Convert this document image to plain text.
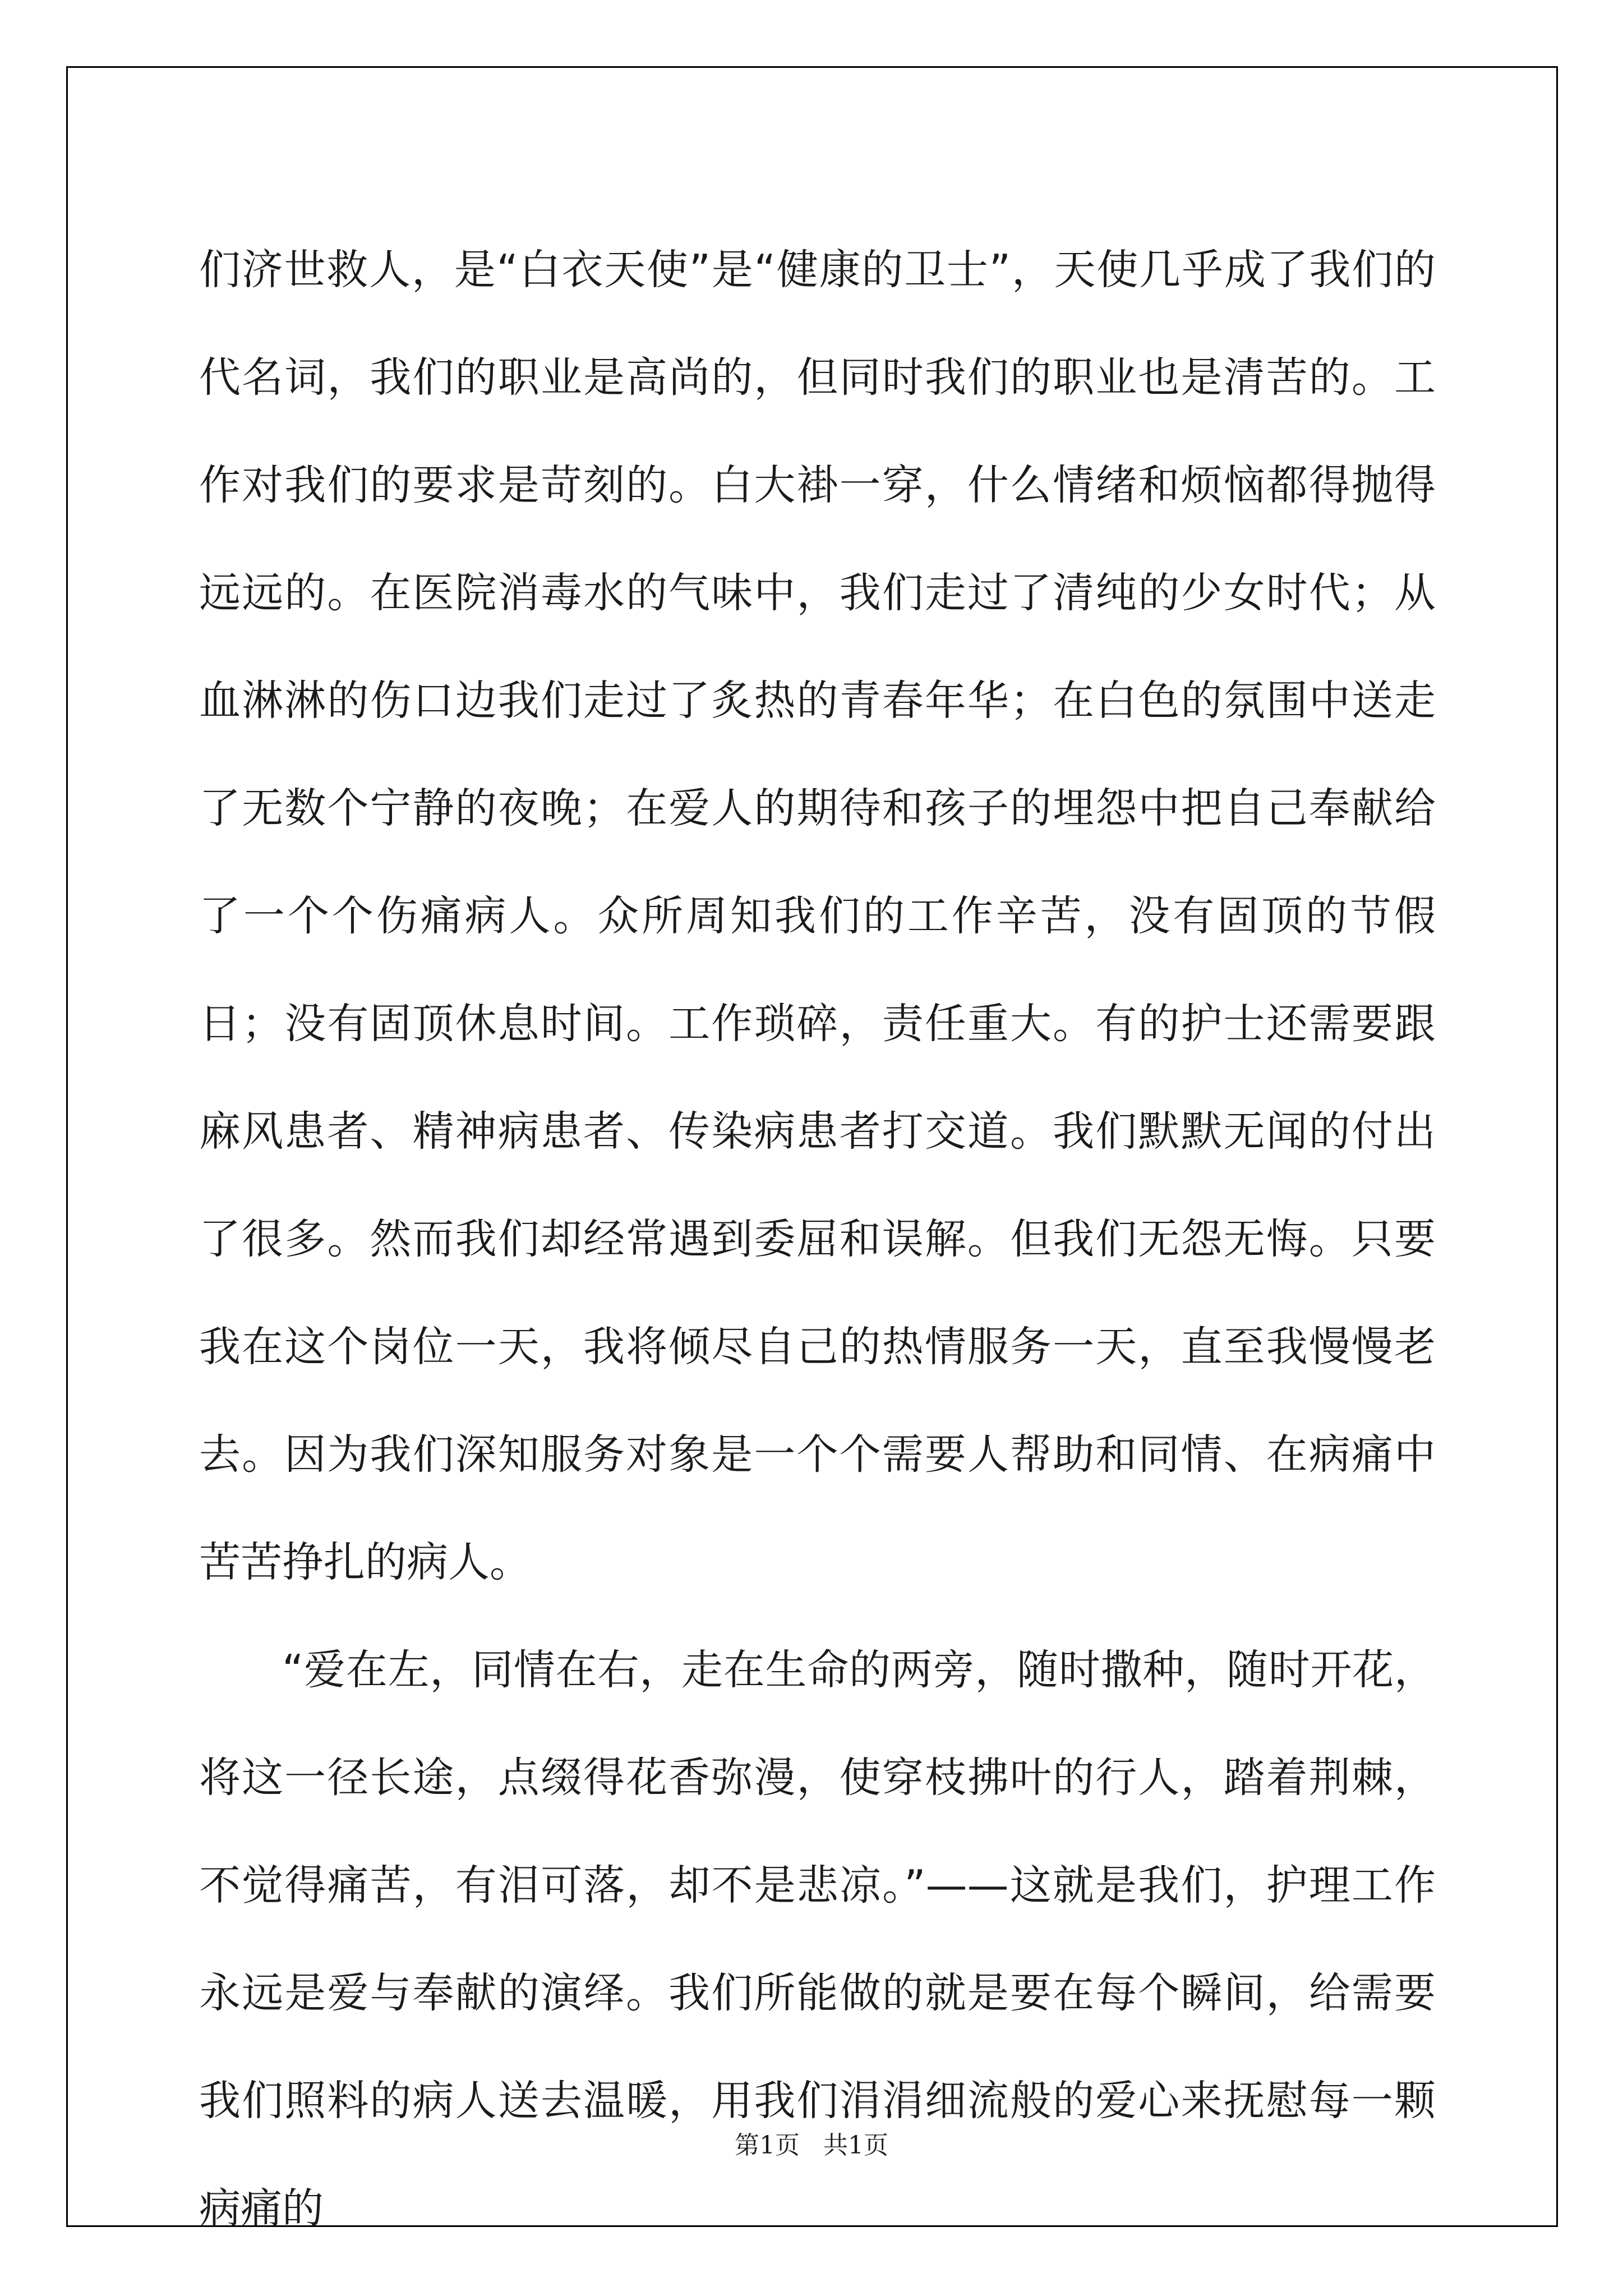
们济世救人，是“白衣天使”是“健康的卫士”，天使几乎成了我们的代名词，我们的职业是高尚的，但同时我们的职业也是清苦的。工作对我们的要求是苛刻的。白大褂一穿，什么情绪和烦恼都得抛得远远的。在医院消毒水的气味中，我们走过了清纯的少女时代；从血淋淋的伤口边我们走过了炙热的青春年华；在白色的氛围中送走了无数个宁静的夜晚；在爱人的期待和孩子的埋怨中把自己奉献给了一个个伤痛病人。众所周知我们的工作辛苦，没有固顶的节假日；没有固顶休息时间。工作琐碎，责任重大。有的护士还需要跟麻风患者、精神病患者、传染病患者打交道。我们默默无闻的付出了很多。然而我们却经常遇到委屈和误解。但我们无怨无悔。只要我在这个岗位一天，我将倾尽自己的热情服务一天，直至我慢慢老去。因为我们深知服务对象是一个个需要人帮助和同情、在病痛中苦苦挣扎的病人。

“爱在左，同情在右，走在生命的两旁，随时撒种，随时开花，将这一径长途，点缀得花香弥漫，使穿枝拂叶的行人，踏着荆棘，不觉得痛苦，有泪可落，却不是悲凉。”——这就是我们，护理工作永远是爱与奉献的演绎。我们所能做的就是要在每个瞬间，给需要我们照料的病人送去温暖，用我们涓涓细流般的爱心来抚慰每一颗病痛的

第1页   共1页
